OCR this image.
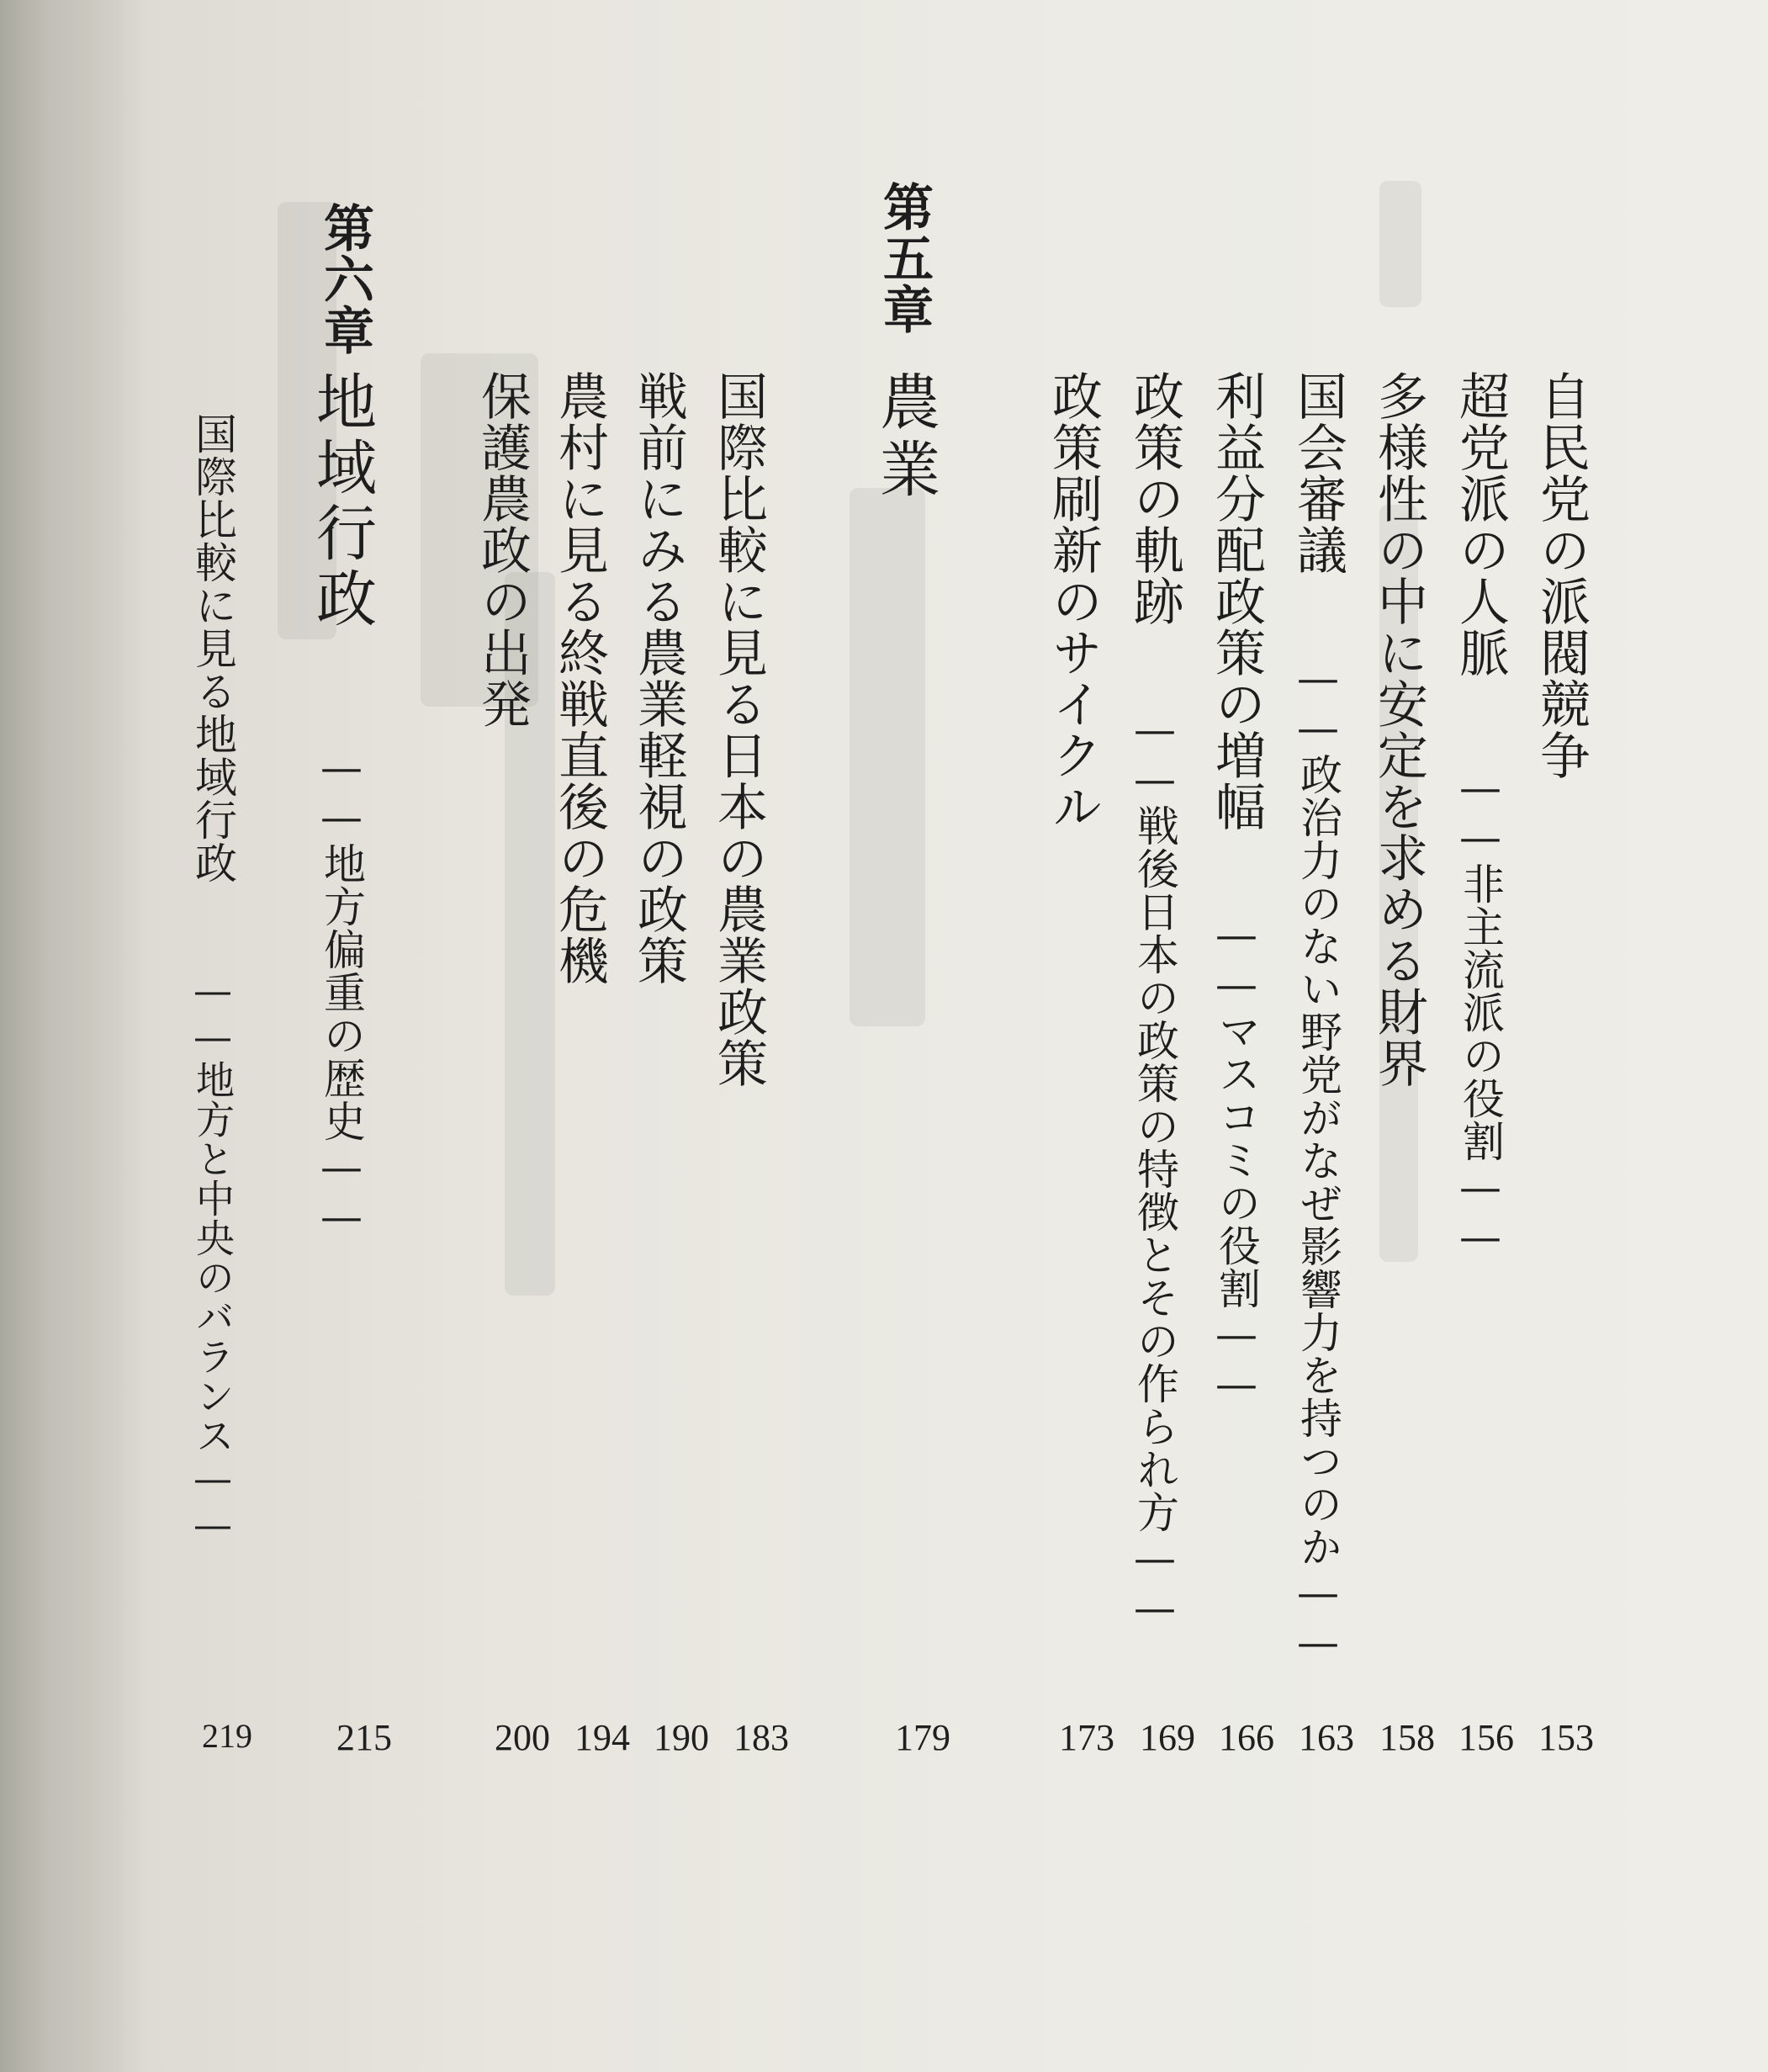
自民党の派閥競争
超党派の人脈 ——非主流派の役割——
多様性の中に安定を求める財界
国会審議 ——政治力のない野党がなぜ影響力を持つのか——
利益分配政策の増幅 ——マスコミの役割——
政策の軌跡 ——戦後日本の政策の特徴とその作られ方——
政策刷新のサイクル
第五章
農業
国際比較に見る日本の農業政策
戦前にみる農業軽視の政策
農村に見る終戦直後の危機
保護農政の出発
第六章
地域行政 ——地方偏重の歴史——
国際比較に見る地域行政 ——地方と中央のバランス——
153
156
158
163
166
169
173
179
183
190
194
200
215
219
